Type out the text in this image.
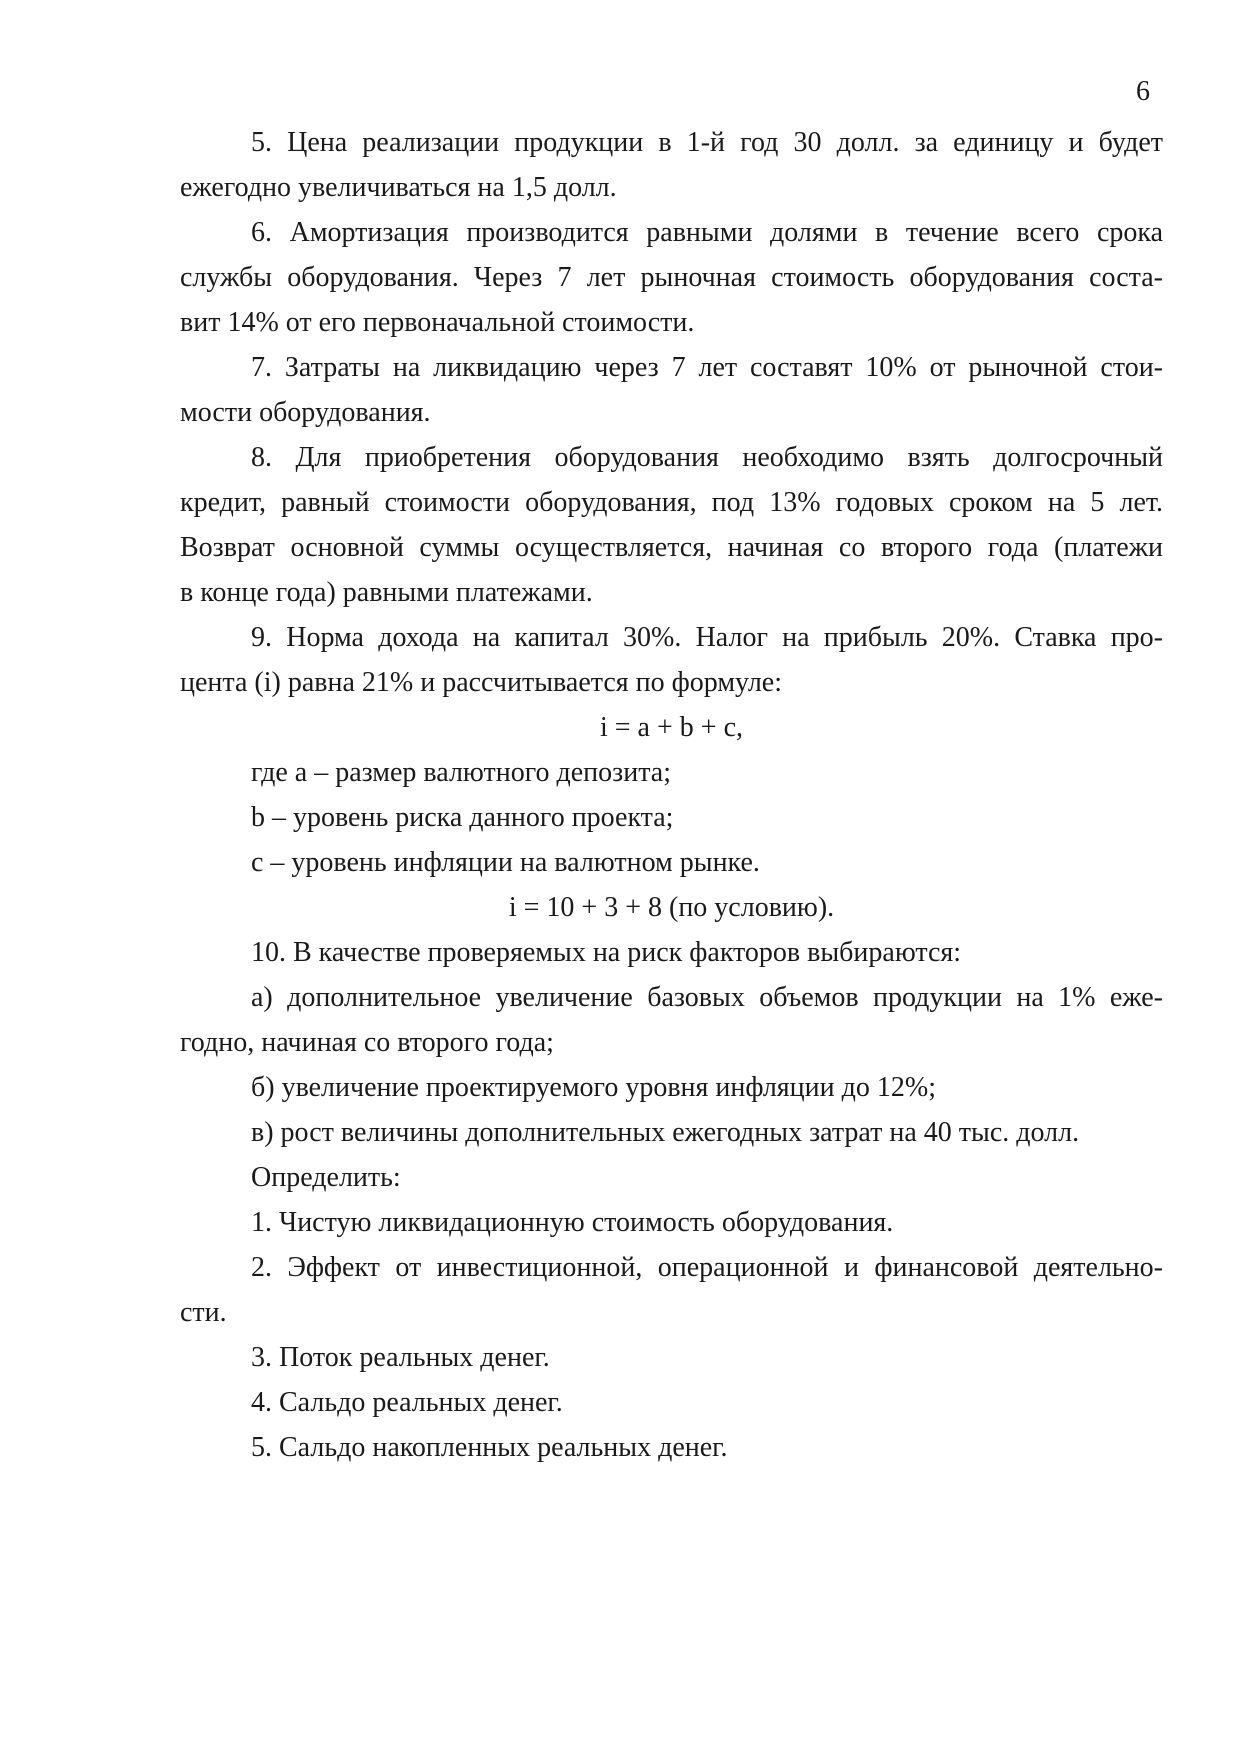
6
5. Цена реализации продукции в 1-й год 30 долл. за единицу и будет
ежегодно увеличиваться на 1,5 долл.
6. Амортизация производится равными долями в течение всего срока
службы оборудования. Через 7 лет рыночная стоимость оборудования соста-
вит 14% от его первоначальной стоимости.
7. Затраты на ликвидацию через 7 лет составят 10% от рыночной стои-
мости оборудования.
8. Для приобретения оборудования необходимо взять долгосрочный
кредит, равный стоимости оборудования, под 13% годовых сроком на 5 лет.
Возврат основной суммы осуществляется, начиная со второго года (платежи
в конце года) равными платежами.
9. Норма дохода на капитал 30%. Налог на прибыль 20%. Ставка про-
цента (i) равна 21% и рассчитывается по формуле:
i = a + b + c,
где a – размер валютного депозита;
b – уровень риска данного проекта;
c – уровень инфляции на валютном рынке.
i = 10 + 3 + 8 (по условию).
10. В качестве проверяемых на риск факторов выбираются:
а) дополнительное увеличение базовых объемов продукции на 1% еже-
годно, начиная со второго года;
б) увеличение проектируемого уровня инфляции до 12%;
в) рост величины дополнительных ежегодных затрат на 40 тыс. долл.
Определить:
1. Чистую ликвидационную стоимость оборудования.
2. Эффект от инвестиционной, операционной и финансовой деятельно-
сти.
3. Поток реальных денег.
4. Сальдо реальных денег.
5. Сальдо накопленных реальных денег.
